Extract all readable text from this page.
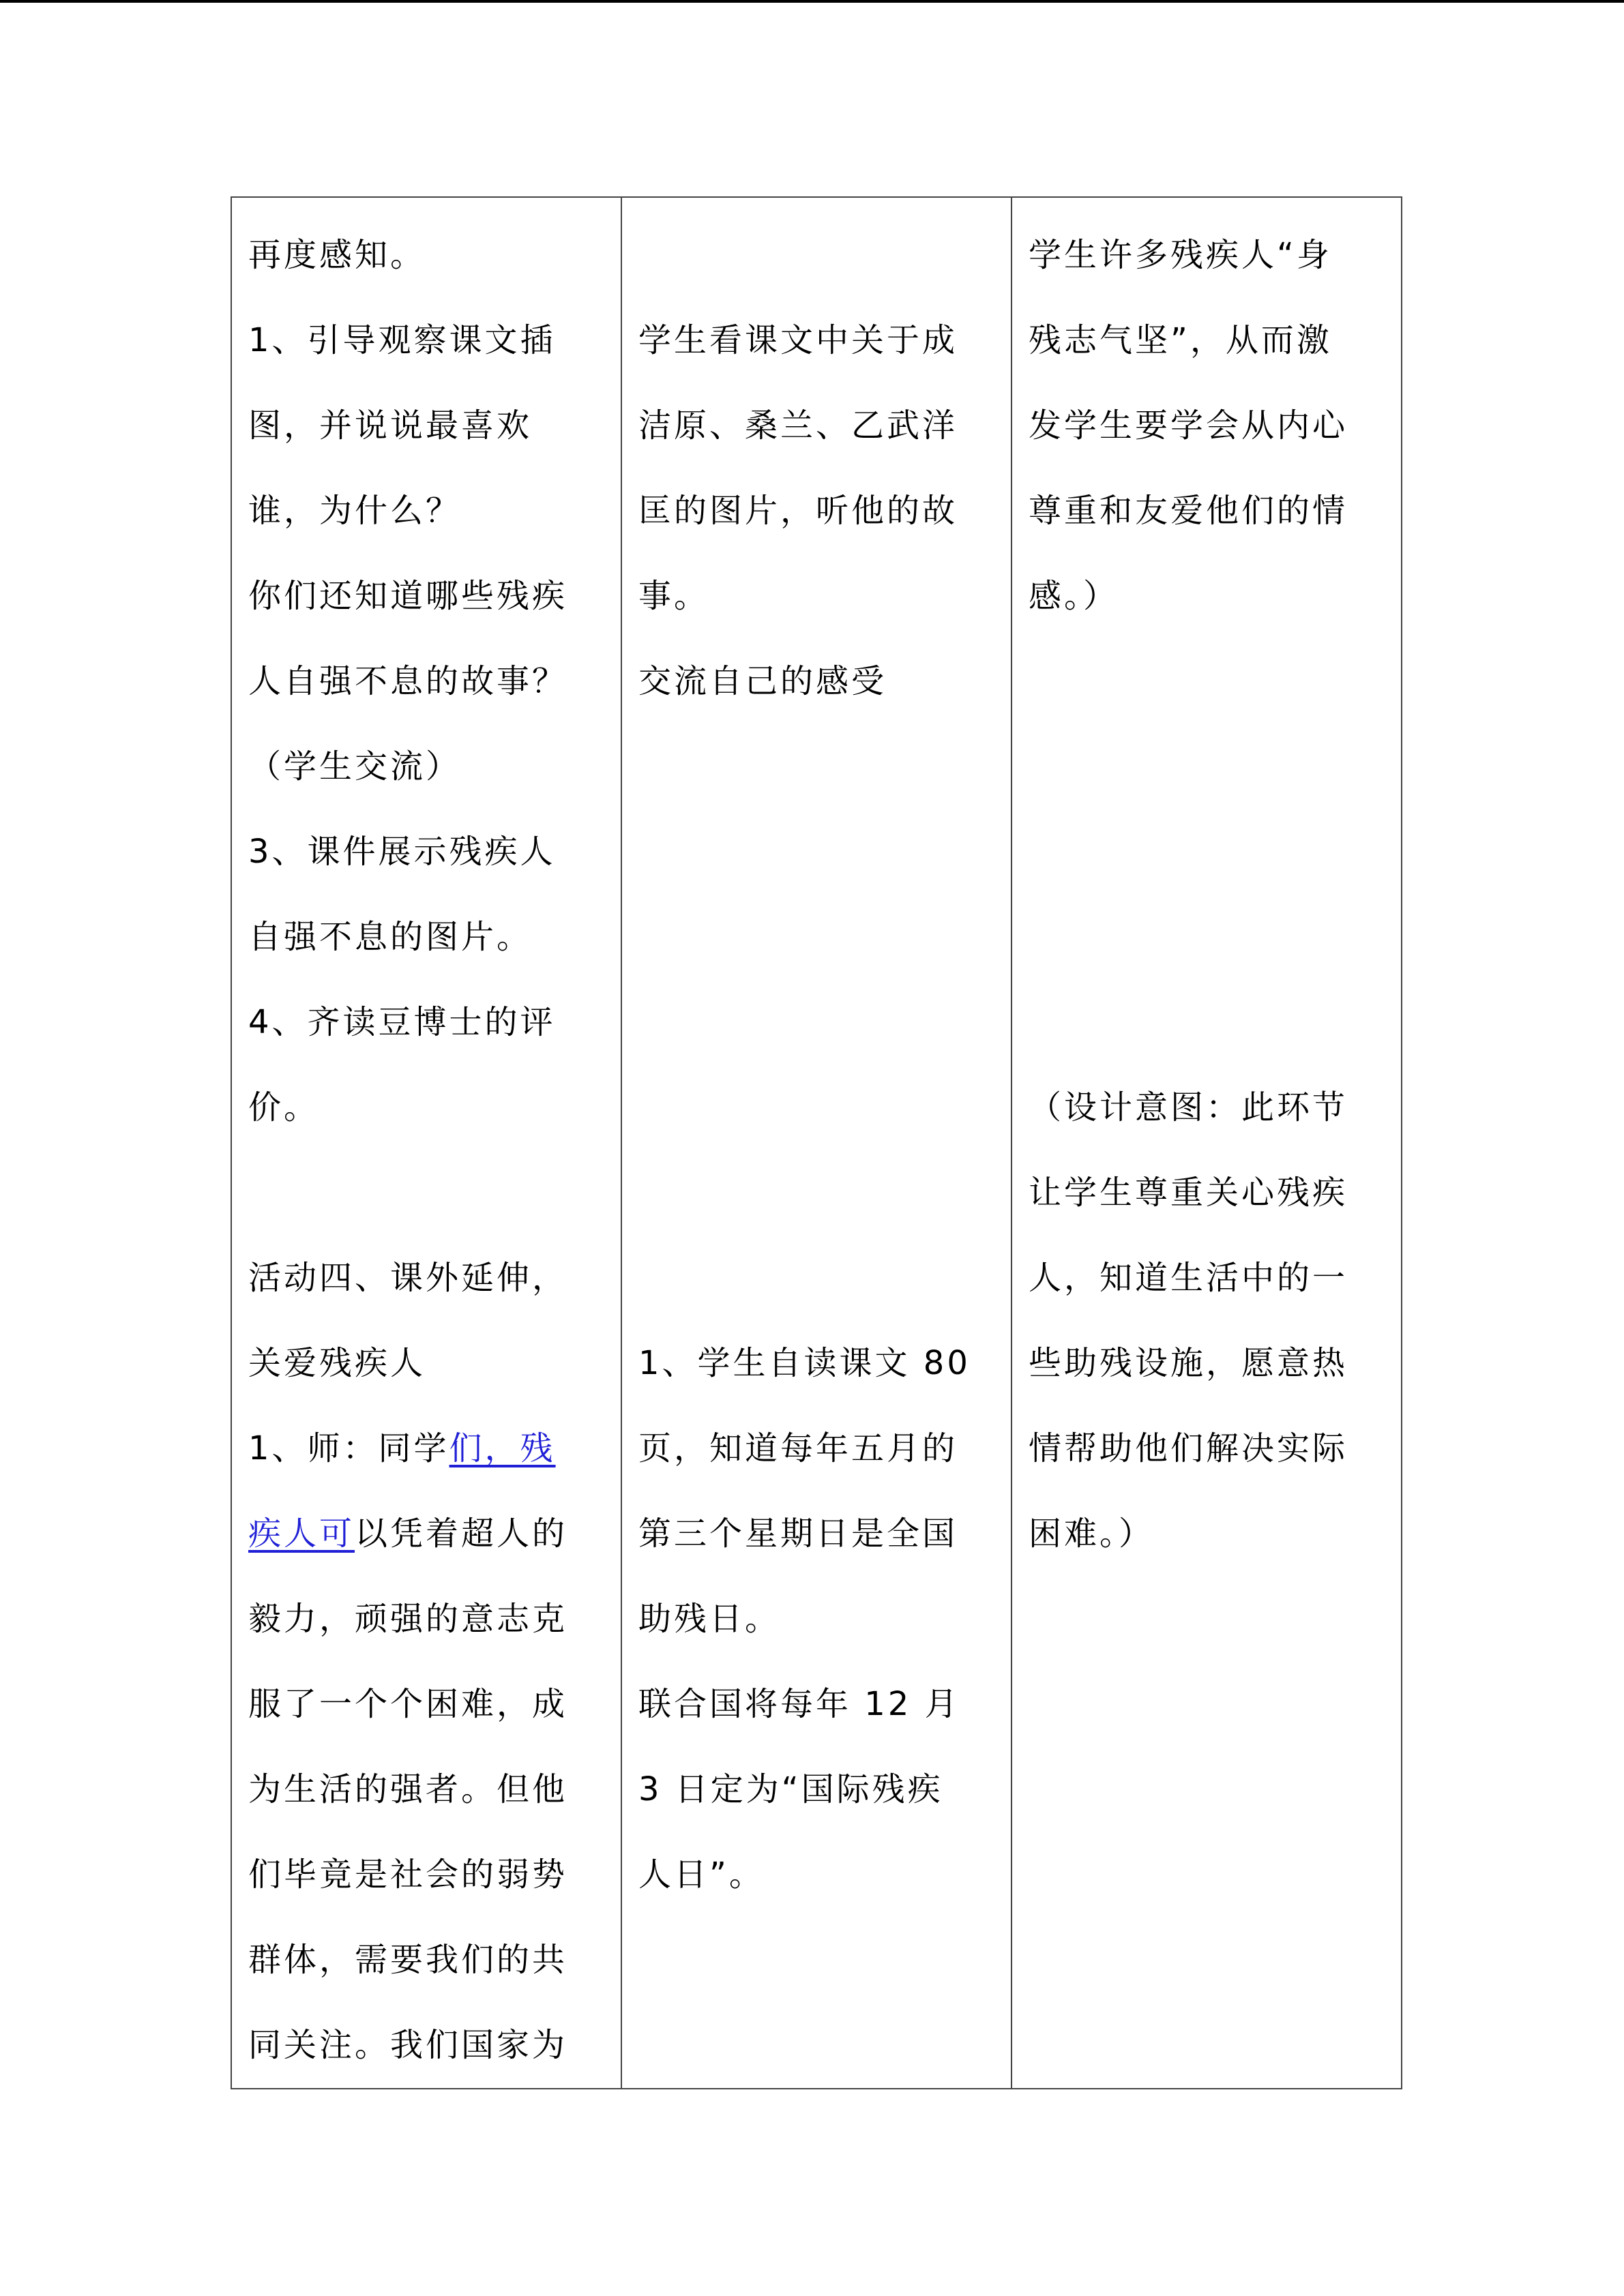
再度感知。
1、引导观察课文插
图，并说说最喜欢
谁，为什么？
你们还知道哪些残疾
人自强不息的故事？
（学生交流）
3、课件展示残疾人
自强不息的图片。
4、齐读豆博士的评
价。
活动四、课外延伸，
关爱残疾人
1、师：同学们，残
疾人可以凭着超人的
毅力，顽强的意志克
服了一个个困难，成
为生活的强者。但他
们毕竟是社会的弱势
群体，需要我们的共
同关注。我们国家为

学生看课文中关于成
洁原、桑兰、乙武洋
匡的图片，听他的故
事。
交流自己的感受
1、学生自读课文 80
页，知道每年五月的
第三个星期日是全国
助残日。
联合国将每年 12 月
3 日定为“国际残疾
人日”。

学生许多残疾人“身
残志气坚”，从而激
发学生要学会从内心
尊重和友爱他们的情
感。）
（设计意图：此环节
让学生尊重关心残疾
人，知道生活中的一
些助残设施，愿意热
情帮助他们解决实际
困难。）
